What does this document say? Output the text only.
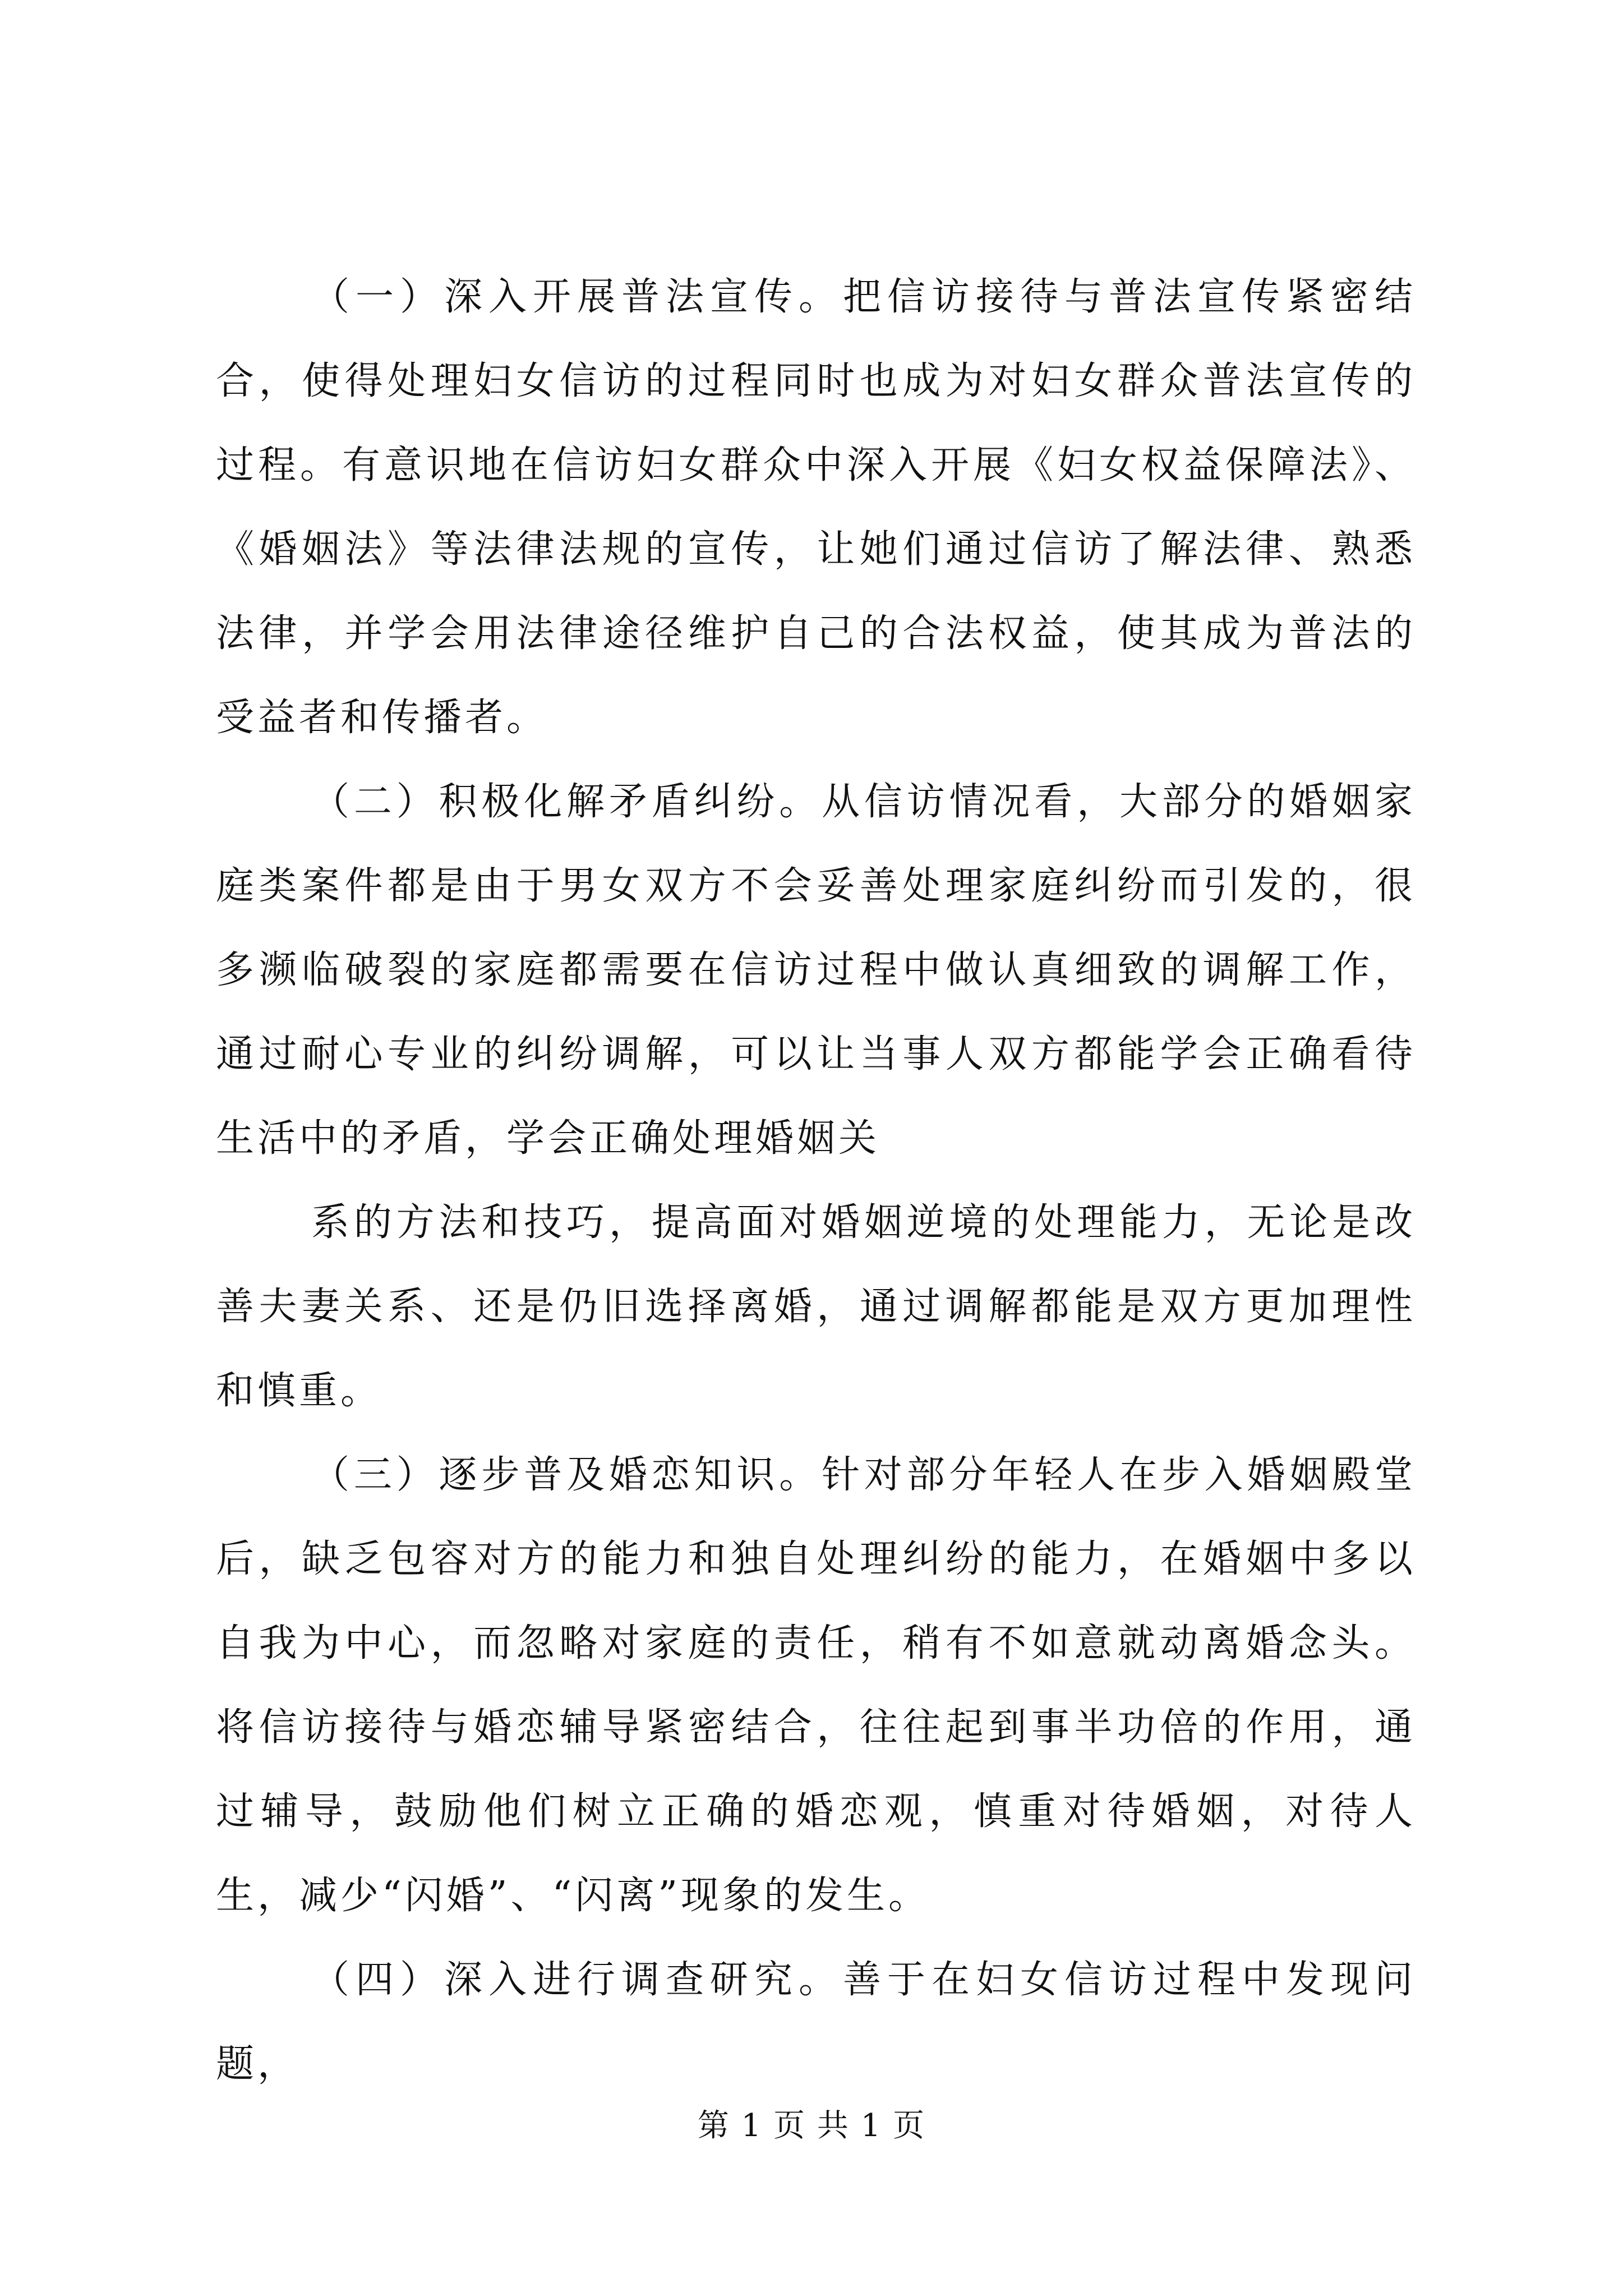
（一）深入开展普法宣传。把信访接待与普法宣传紧密结合，使得处理妇女信访的过程同时也成为对妇女群众普法宣传的过程。有意识地在信访妇女群众中深入开展《妇女权益保障法》、《婚姻法》等法律法规的宣传，让她们通过信访了解法律、熟悉法律，并学会用法律途径维护自己的合法权益，使其成为普法的受益者和传播者。

（二）积极化解矛盾纠纷。从信访情况看，大部分的婚姻家庭类案件都是由于男女双方不会妥善处理家庭纠纷而引发的，很多濒临破裂的家庭都需要在信访过程中做认真细致的调解工作，通过耐心专业的纠纷调解，可以让当事人双方都能学会正确看待生活中的矛盾，学会正确处理婚姻关

系的方法和技巧，提高面对婚姻逆境的处理能力，无论是改善夫妻关系、还是仍旧选择离婚，通过调解都能是双方更加理性和慎重。

（三）逐步普及婚恋知识。针对部分年轻人在步入婚姻殿堂后，缺乏包容对方的能力和独自处理纠纷的能力，在婚姻中多以自我为中心，而忽略对家庭的责任，稍有不如意就动离婚念头。将信访接待与婚恋辅导紧密结合，往往起到事半功倍的作用，通过辅导，鼓励他们树立正确的婚恋观，慎重对待婚姻，对待人生，减少“闪婚”、“闪离”现象的发生。

（四）深入进行调查研究。善于在妇女信访过程中发现问题，

第 1 页 共 1 页
